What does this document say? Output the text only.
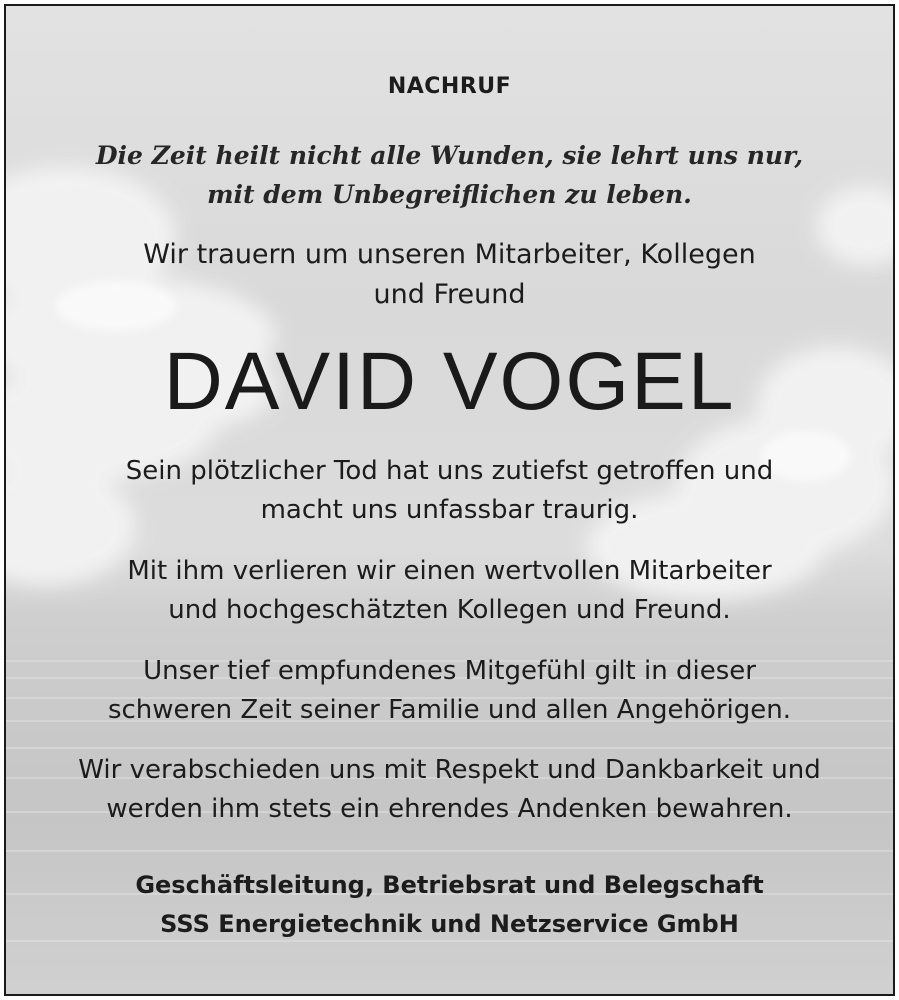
NACHRUF
Die Zeit heilt nicht alle Wunden, sie lehrt uns nur,
mit dem Unbegreiflichen zu leben.
Wir trauern um unseren Mitarbeiter, Kollegen
und Freund
DAVID VOGEL
Sein plötzlicher Tod hat uns zutiefst getroffen und
macht uns unfassbar traurig.
Mit ihm verlieren wir einen wertvollen Mitarbeiter
und hochgeschätzten Kollegen und Freund.
Unser tief empfundenes Mitgefühl gilt in dieser
schweren Zeit seiner Familie und allen Angehörigen.
Wir verabschieden uns mit Respekt und Dankbarkeit und
werden ihm stets ein ehrendes Andenken bewahren.
Geschäftsleitung, Betriebsrat und Belegschaft
SSS Energietechnik und Netzservice GmbH
